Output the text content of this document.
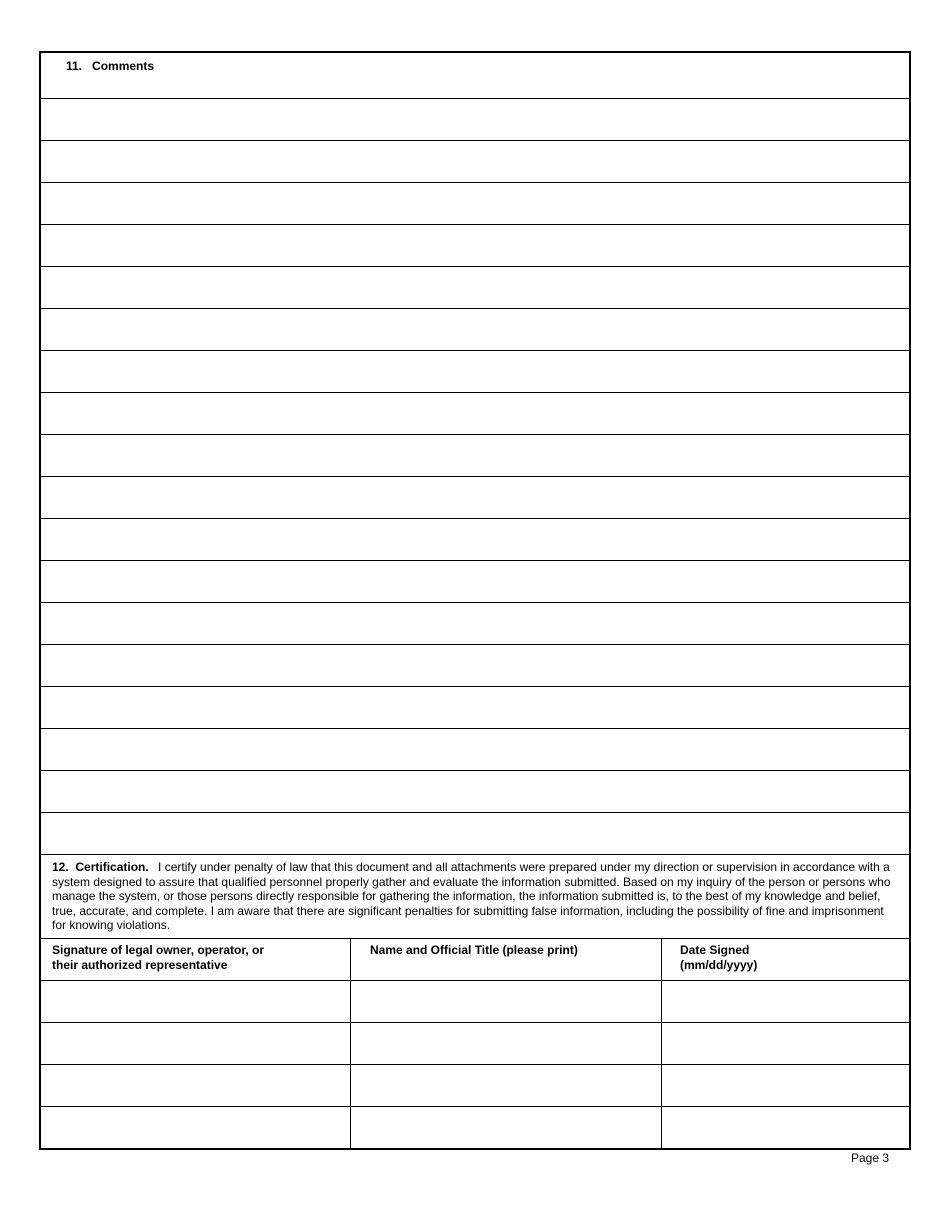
11. Comments

12. Certification. I certify under penalty of law that this document and all attachments were prepared under my direction or supervision in accordance with a system designed to assure that qualified personnel properly gather and evaluate the information submitted. Based on my inquiry of the person or persons who manage the system, or those persons directly responsible for gathering the information, the information submitted is, to the best of my knowledge and belief, true, accurate, and complete. I am aware that there are significant penalties for submitting false information, including the possibility of fine and imprisonment for knowing violations.

Signature of legal owner, operator, or
their authorized representative
Name and Official Title (please print)	Date Signed
(mm/dd/yyyy)
Page 3
